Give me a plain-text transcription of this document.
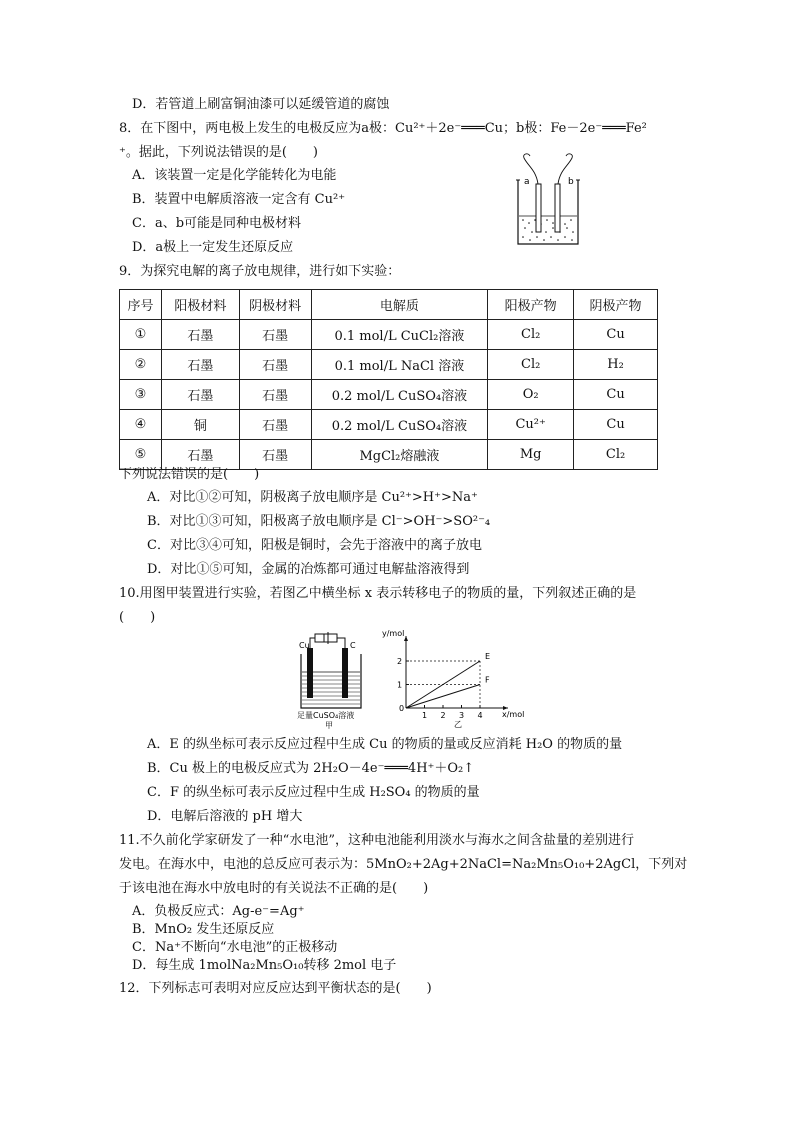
D．若管道上刷富铜油漆可以延缓管道的腐蚀
8．在下图中，两电极上发生的电极反应为a极：Cu²⁺＋2e⁻═══Cu；b极：Fe－2e⁻═══Fe²
⁺。据此，下列说法错误的是(　　)
A．该装置一定是化学能转化为电能
B．装置中电解质溶液一定含有 Cu²⁺
C．a、b可能是同种电极材料
D．a极上一定发生还原反应
a	b
9．为探究电解的离子放电规律，进行如下实验：
序号	阳极材料	阴极材料	电解质	阳极产物	阴极产物
①	石墨	石墨	0.1 mol/L CuCl₂溶液	Cl₂	Cu
②	石墨	石墨	0.1 mol/L NaCl 溶液	Cl₂	H₂
③	石墨	石墨	0.2 mol/L CuSO₄溶液	O₂	Cu
④	铜	石墨	0.2 mol/L CuSO₄溶液	Cu²⁺	Cu
⑤	石墨	石墨	MgCl₂熔融液	Mg	Cl₂
下列说法错误的是(　　)
A．对比①②可知，阴极离子放电顺序是 Cu²⁺>H⁺>Na⁺
B．对比①③可知，阳极离子放电顺序是 Cl⁻>OH⁻>SO²⁻₄
C．对比③④可知，阳极是铜时，会先于溶液中的离子放电
D．对比①⑤可知，金属的冶炼都可通过电解盐溶液得到
10.用图甲装置进行实验，若图乙中横坐标 x 表示转移电子的物质的量，下列叙述正确的是
(　　)
Cu	C
足量CuSO₄溶液
甲
y/mol
x/mol
0
乙
1 2 3 4
1
2
E
F
A．E 的纵坐标可表示反应过程中生成 Cu 的物质的量或反应消耗 H₂O 的物质的量
B．Cu 极上的电极反应式为 2H₂O－4e⁻═══4H⁺＋O₂↑
C．F 的纵坐标可表示反应过程中生成 H₂SO₄ 的物质的量
D．电解后溶液的 pH 增大
11.不久前化学家研发了一种“水电池”，这种电池能利用淡水与海水之间含盐量的差别进行
发电。在海水中，电池的总反应可表示为：5MnO₂+2Ag+2NaCl=Na₂Mn₅O₁₀+2AgCl，下列对
于该电池在海水中放电时的有关说法不正确的是(　　)
A．负极反应式：Ag-e⁻=Ag⁺
B．MnO₂ 发生还原反应
C．Na⁺不断向“水电池”的正极移动
D．每生成 1molNa₂Mn₅O₁₀转移 2mol 电子
12．下列标志可表明对应反应达到平衡状态的是(　　)
